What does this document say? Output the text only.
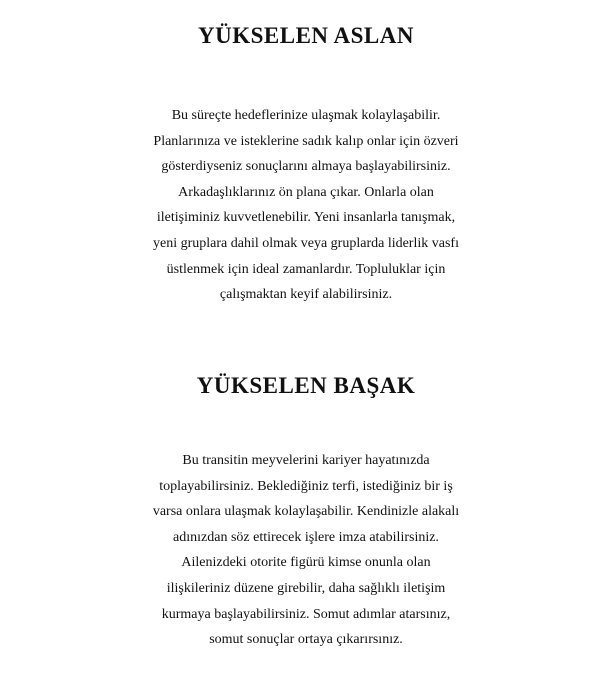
YÜKSELEN ASLAN

Bu süreçte hedeflerinize ulaşmak kolaylaşabilir.
Planlarınıza ve isteklerine sadık kalıp onlar için özveri
gösterdiyseniz sonuçlarını almaya başlayabilirsiniz.
Arkadaşlıklarınız ön plana çıkar. Onlarla olan
iletişiminiz kuvvetlenebilir. Yeni insanlarla tanışmak,
yeni gruplara dahil olmak veya gruplarda liderlik vasfı
üstlenmek için ideal zamanlardır. Topluluklar için
çalışmaktan keyif alabilirsiniz.

YÜKSELEN BAŞAK

Bu transitin meyvelerini kariyer hayatınızda
toplayabilirsiniz. Beklediğiniz terfi, istediğiniz bir iş
varsa onlara ulaşmak kolaylaşabilir. Kendinizle alakalı
adınızdan söz ettirecek işlere imza atabilirsiniz.
Ailenizdeki otorite figürü kimse onunla olan
ilişkileriniz düzene girebilir, daha sağlıklı iletişim
kurmaya başlayabilirsiniz. Somut adımlar atarsınız,
somut sonuçlar ortaya çıkarırsınız.
